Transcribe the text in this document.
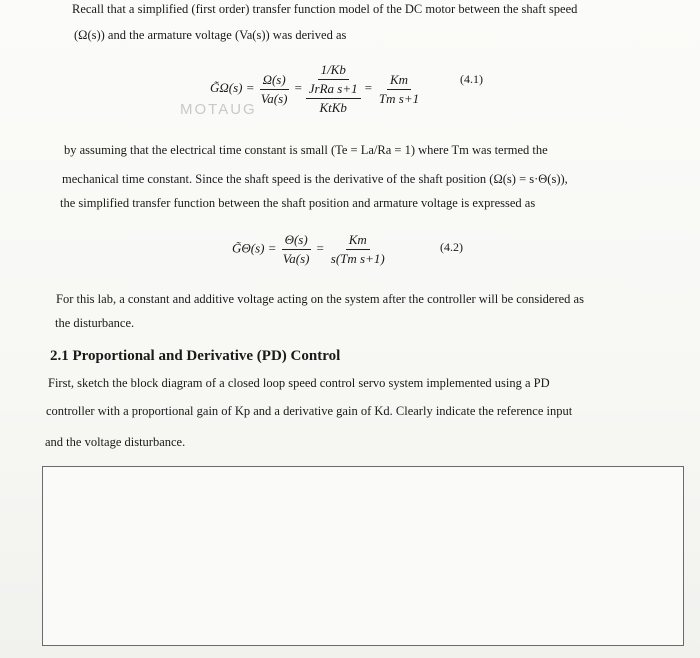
Recall that a simplified (first order) transfer function model of the DC motor between the shaft speed
(Ω(s)) and the armature voltage (Va(s)) was derived as
G̃Ω(s) = $\frac{\Omega(s)}{Va(s)} = \frac{1/Kb}{\frac{\text{JrRa s+1}}{\text{KtKb}}} = \frac{Km}{\text{Tm s+1}}$	(4.1)
MOTAUG
by assuming that the electrical time constant is small (Te = La/Ra = 1) where Tm was termed the
mechanical time constant. Since the shaft speed is the derivative of the shaft position (Ω(s) = s·Θ(s)),
the simplified transfer function between the shaft position and armature voltage is expressed as
G̃Θ(s) = $\frac{\Theta(s)}{Va(s)} = \frac{Km}{\text{s(Tm s+1)}}$	(4.2)
For this lab, a constant and additive voltage acting on the system after the controller will be considered as
the disturbance.
2.1 Proportional and Derivative (PD) Control
First, sketch the block diagram of a closed loop speed control servo system implemented using a PD
controller with a proportional gain of Kp and a derivative gain of Kd. Clearly indicate the reference input
and the voltage disturbance.
